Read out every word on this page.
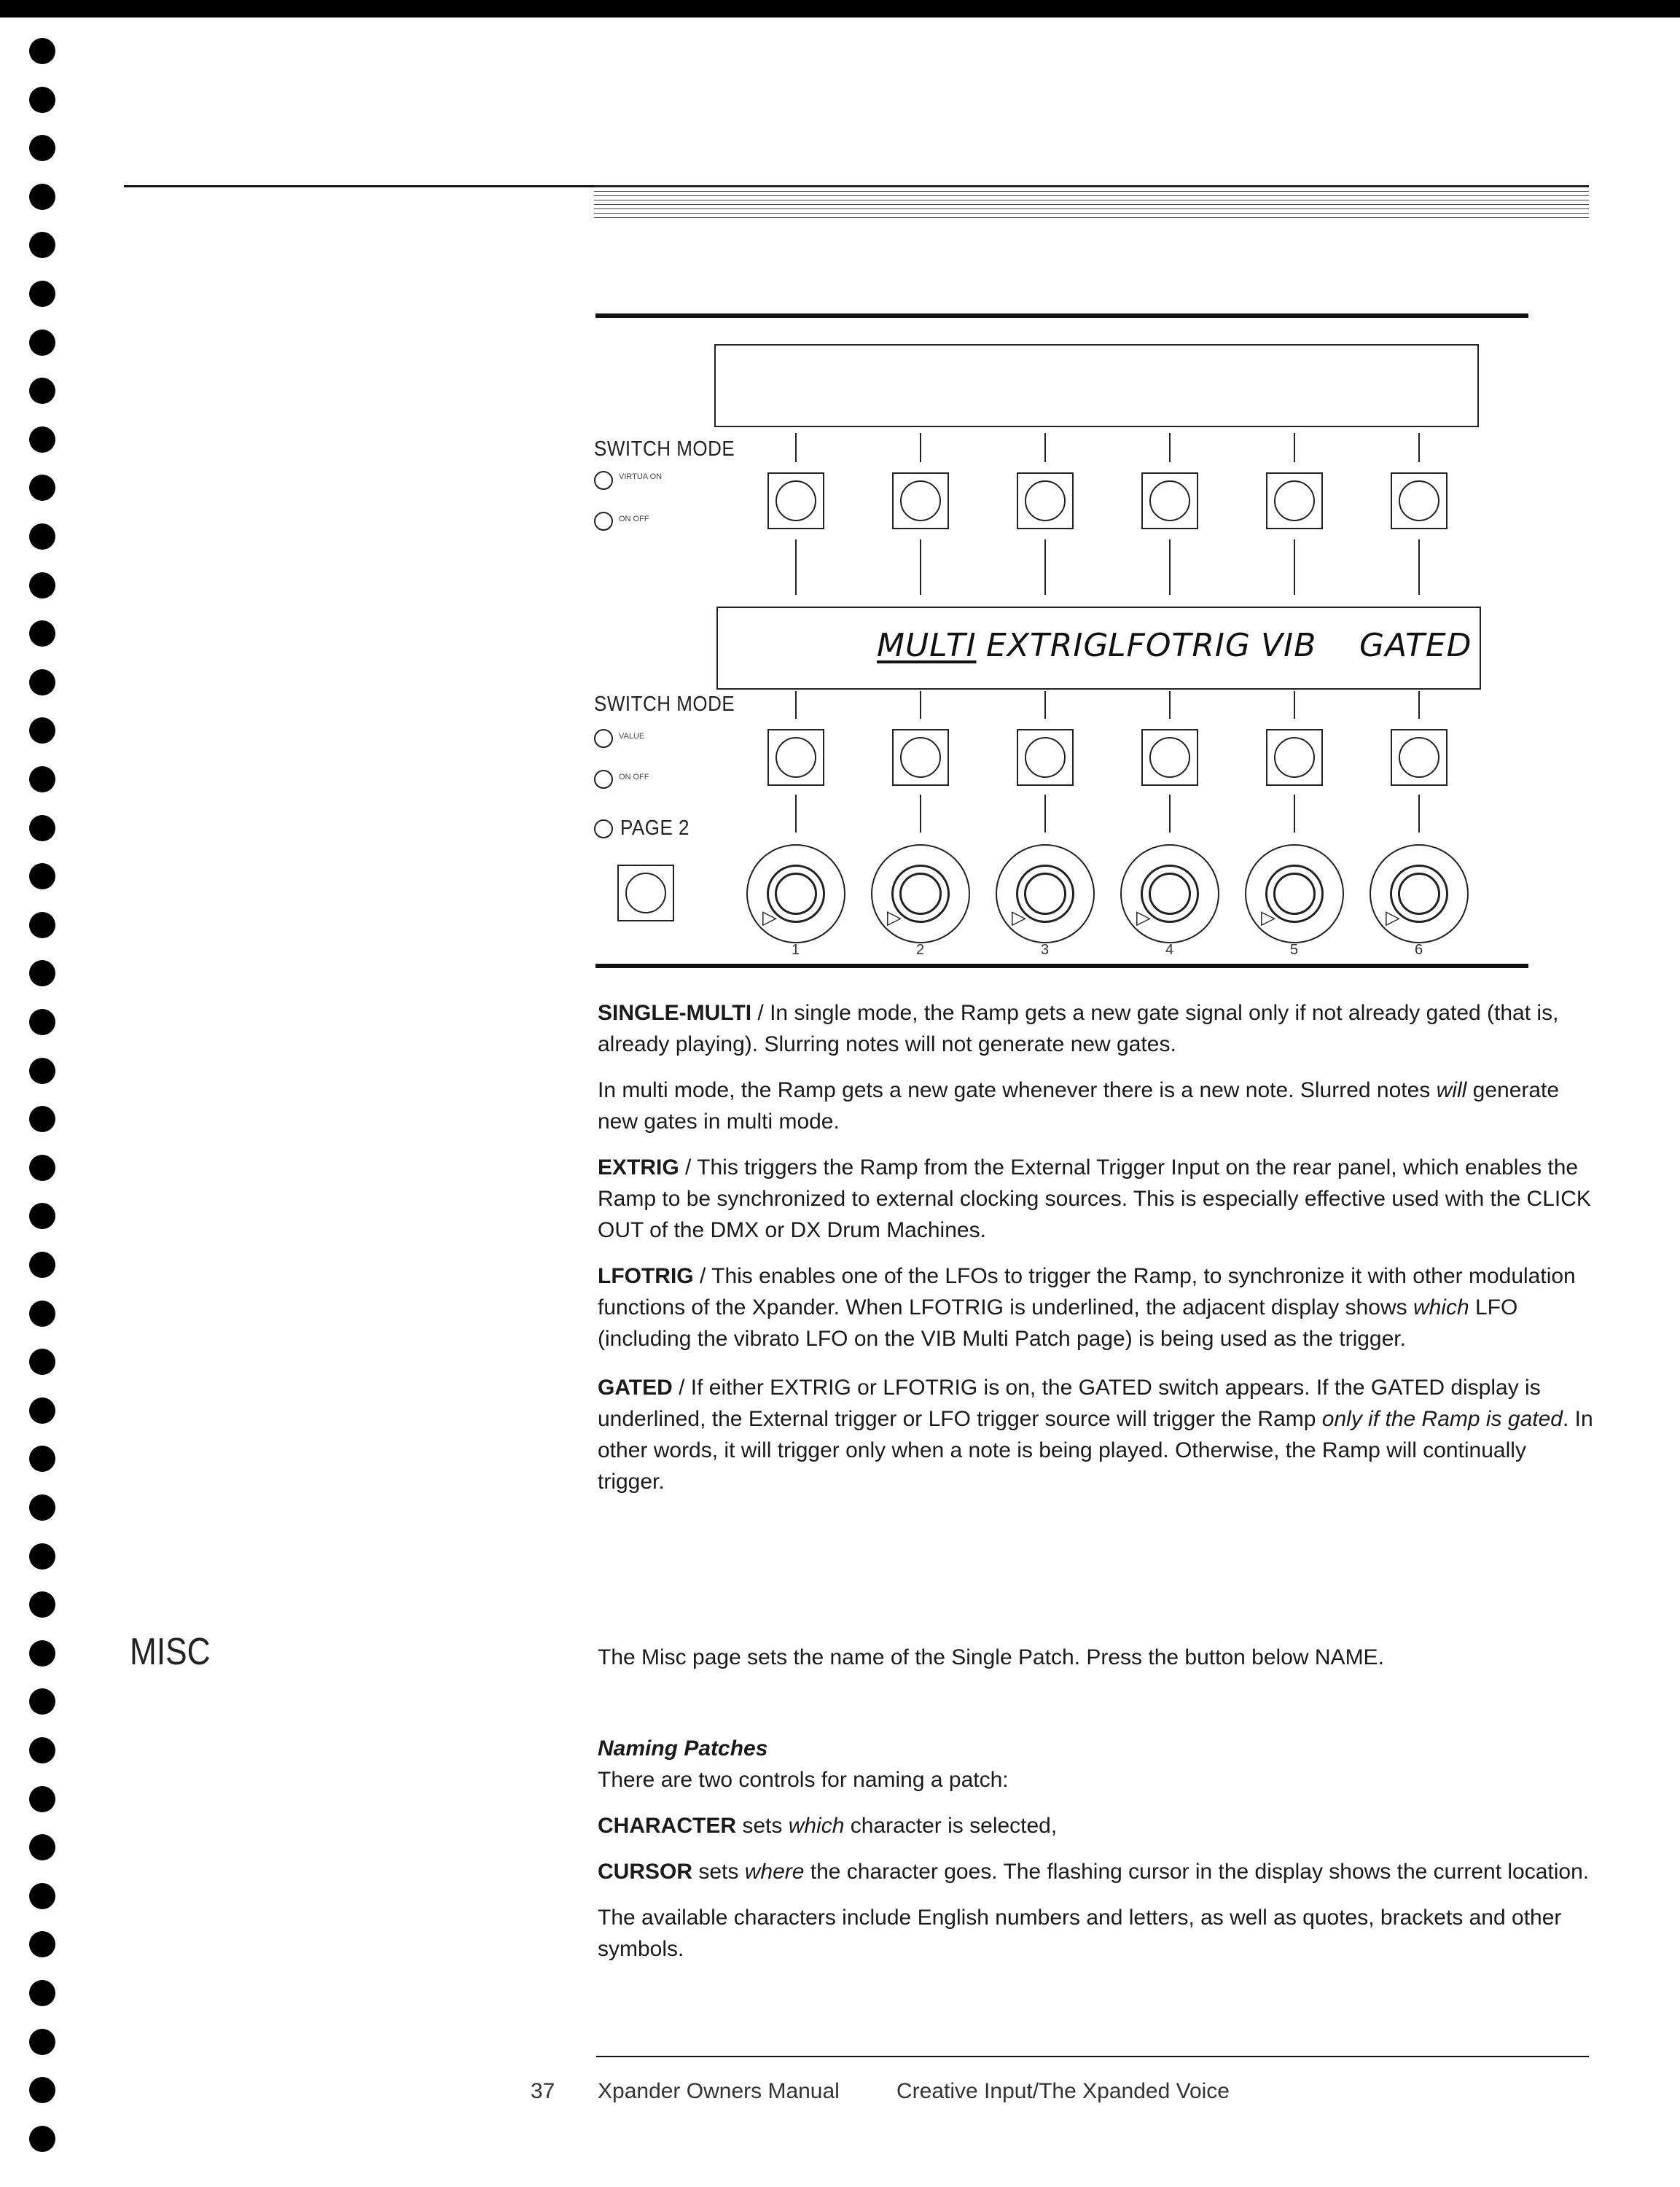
SWITCH MODE
VIRTUA ON
ON OFF
MULTI EXTRIG
LFOTRIG VIB GATED
SWITCH MODE
VALUE
ON OFF
PAGE 2
▷
1
▷
2
▷
3
▷
4
▷
5
▷
6

SINGLE-MULTI / In single mode, the Ramp gets a new gate signal only if not already gated (that is, already playing). Slurring notes will not generate new gates.

In multi mode, the Ramp gets a new gate whenever there is a new note. Slurred notes will generate new gates in multi mode.

EXTRIG / This triggers the Ramp from the External Trigger Input on the rear panel, which enables the Ramp to be synchronized to external clocking sources. This is especially effective used with the CLICK OUT of the DMX or DX Drum Machines.

LFOTRIG / This enables one of the LFOs to trigger the Ramp, to synchronize it with other modulation functions of the Xpander. When LFOTRIG is underlined, the adjacent display shows which LFO (including the vibrato LFO on the VIB Multi Patch page) is being used as the trigger.

GATED / If either EXTRIG or LFOTRIG is on, the GATED switch appears. If the GATED display is underlined, the External trigger or LFO trigger source will trigger the Ramp only if the Ramp is gated. In other words, it will trigger only when a note is being played. Otherwise, the Ramp will continually trigger.

MISC	The Misc page sets the name of the Single Patch. Press the button below NAME.

Naming Patches

There are two controls for naming a patch:

CHARACTER sets which character is selected,

CURSOR sets where the character goes. The flashing cursor in the display shows the current location.

The available characters include English numbers and letters, as well as quotes, brackets and other symbols.

37 Xpander Owners Manual	Creative Input/The Xpanded Voice
